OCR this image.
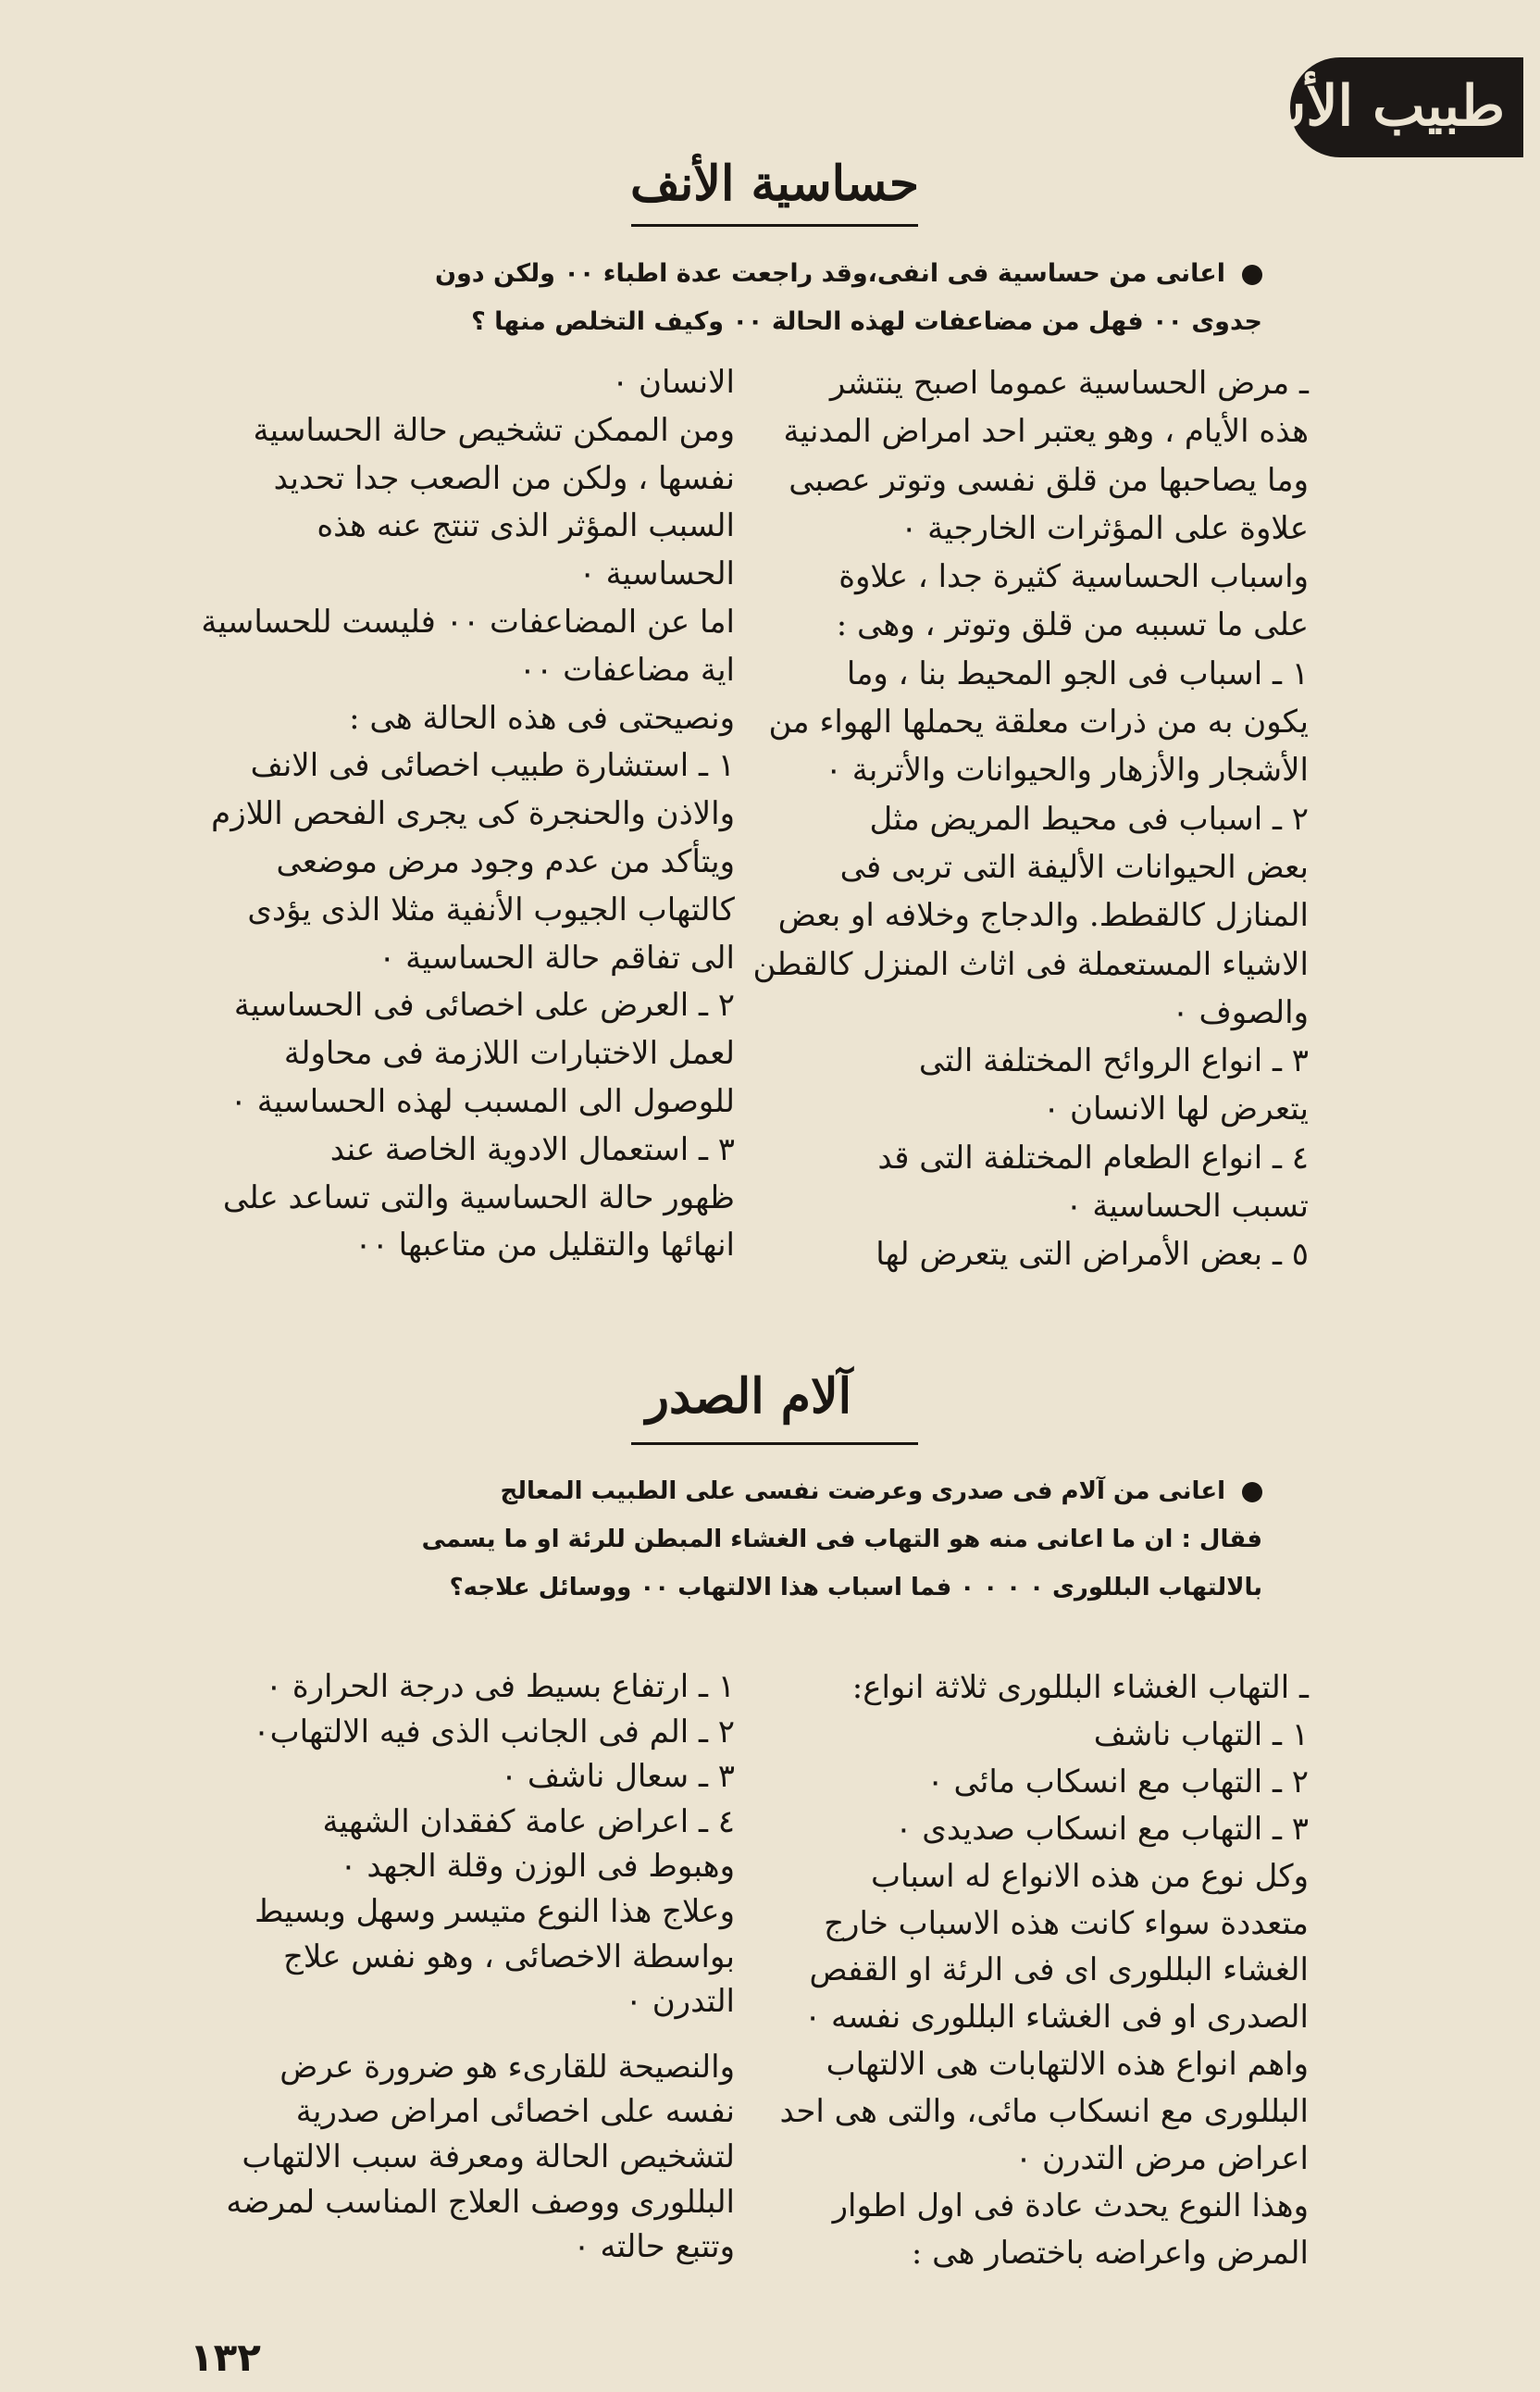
طبيب الأسرة
حساسية الأنف

اعانى من حساسية فى انفى،وقد راجعت عدة اطباء ٠٠ ولكن دون

جدوى ٠٠ فهل من مضاعفات لهذه الحالة ٠٠ وكيف التخلص منها ؟

ـ مرض الحساسية عموما اصبح ينتشر

هذه الأيام ، وهو يعتبر احد امراض المدنية

وما يصاحبها من قلق نفسى وتوتر عصبى

علاوة على المؤثرات الخارجية ٠

واسباب الحساسية كثيرة جدا ، علاوة

على ما تسببه من قلق وتوتر ، وهى :

١ ـ اسباب فى الجو المحيط بنا ، وما

يكون به من ذرات معلقة يحملها الهواء من

الأشجار والأزهار والحيوانات والأتربة ٠

٢ ـ اسباب فى محيط المريض مثل

بعض الحيوانات الأليفة التى تربى فى

المنازل كالقطط. والدجاج وخلافه او بعض

الاشياء المستعملة فى اثاث المنزل كالقطن

والصوف ٠

٣ ـ انواع الروائح المختلفة التى

يتعرض لها الانسان ٠

٤ ـ انواع الطعام المختلفة التى قد

تسبب الحساسية ٠

٥ ـ بعض الأمراض التى يتعرض لها

الانسان ٠

ومن الممكن تشخيص حالة الحساسية

نفسها ، ولكن من الصعب جدا تحديد

السبب المؤثر الذى تنتج عنه هذه

الحساسية ٠

اما عن المضاعفات ٠٠ فليست للحساسية

اية مضاعفات ٠٠

ونصيحتى فى هذه الحالة هى :

١ ـ استشارة طبيب اخصائى فى الانف

والاذن والحنجرة كى يجرى الفحص اللازم

ويتأكد من عدم وجود مرض موضعى

كالتهاب الجيوب الأنفية مثلا الذى يؤدى

الى تفاقم حالة الحساسية ٠

٢ ـ العرض على اخصائى فى الحساسية

لعمل الاختبارات اللازمة فى محاولة

للوصول الى المسبب لهذه الحساسية ٠

٣ ـ استعمال الادوية الخاصة عند

ظهور حالة الحساسية والتى تساعد على

انهائها والتقليل من متاعبها ٠٠

آلام الصدر

اعانى من آلام فى صدرى وعرضت نفسى على الطبيب المعالج

فقال : ان ما اعانى منه هو التهاب فى الغشاء المبطن للرئة او ما يسمى

بالالتهاب البللورى ٠ ٠ ٠ ٠ فما اسباب هذا الالتهاب ٠٠ ووسائل علاجه؟

ـ التهاب الغشاء البللورى ثلاثة انواع:

١ ـ التهاب ناشف

٢ ـ التهاب مع انسكاب مائى ٠

٣ ـ التهاب مع انسكاب صديدى ٠

وكل نوع من هذه الانواع له اسباب

متعددة سواء كانت هذه الاسباب خارج

الغشاء البللورى اى فى الرئة او القفص

الصدرى او فى الغشاء البللورى نفسه ٠

واهم انواع هذه الالتهابات هى الالتهاب

البللورى مع انسكاب مائى، والتى هى احد

اعراض مرض التدرن ٠

وهذا النوع يحدث عادة فى اول اطوار

المرض واعراضه باختصار هى :

١ ـ ارتفاع بسيط فى درجة الحرارة ٠

٢ ـ الم فى الجانب الذى فيه الالتهاب٠

٣ ـ سعال ناشف ٠

٤ ـ اعراض عامة كفقدان الشهية

وهبوط فى الوزن وقلة الجهد ٠

وعلاج هذا النوع متيسر وسهل وبسيط

بواسطة الاخصائى ، وهو نفس علاج

التدرن ٠

والنصيحة للقارىء هو ضرورة عرض

نفسه على اخصائى امراض صدرية

لتشخيص الحالة ومعرفة سبب الالتهاب

البللورى ووصف العلاج المناسب لمرضه

وتتبع حالته ٠

١٣٢
